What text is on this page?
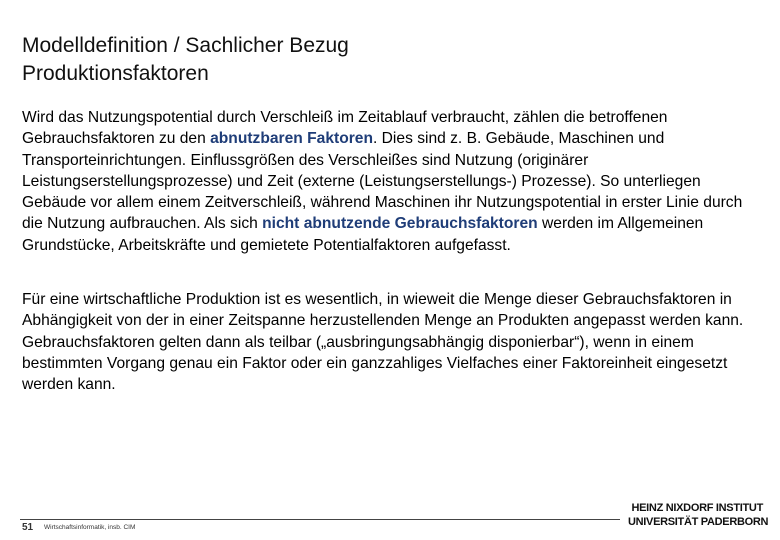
Modelldefinition / Sachlicher Bezug
Produktionsfaktoren
Wird das Nutzungspotential durch Verschleiß im Zeitablauf verbraucht, zählen die betroffenen Gebrauchsfaktoren zu den abnutzbaren Faktoren. Dies sind z. B. Gebäude, Maschinen und Transporteinrichtungen. Einflussgrößen des Verschleißes sind Nutzung (originärer Leistungserstellungsprozesse) und Zeit (externe (Leistungserstellungs-) Prozesse). So unterliegen Gebäude vor allem einem Zeitverschleiß, während Maschinen ihr Nutzungspotential in erster Linie durch die Nutzung aufbrauchen. Als sich nicht abnutzende Gebrauchsfaktoren werden im Allgemeinen Grundstücke, Arbeitskräfte und gemietete Potentialfaktoren aufgefasst.
Für eine wirtschaftliche Produktion ist es wesentlich, in wieweit die Menge dieser Gebrauchsfaktoren in Abhängigkeit von der in einer Zeitspanne herzustellenden Menge an Produkten angepasst werden kann. Gebrauchsfaktoren gelten dann als teilbar („ausbringungsabhängig disponierbar“), wenn in einem bestimmten Vorgang genau ein Faktor oder ein ganzzahliges Vielfaches einer Faktoreinheit eingesetzt werden kann.
51 Wirtschaftsinformatik, insb. CIM
HEINZ NIXDORF INSTITUT
UNIVERSITÄT PADERBORN
